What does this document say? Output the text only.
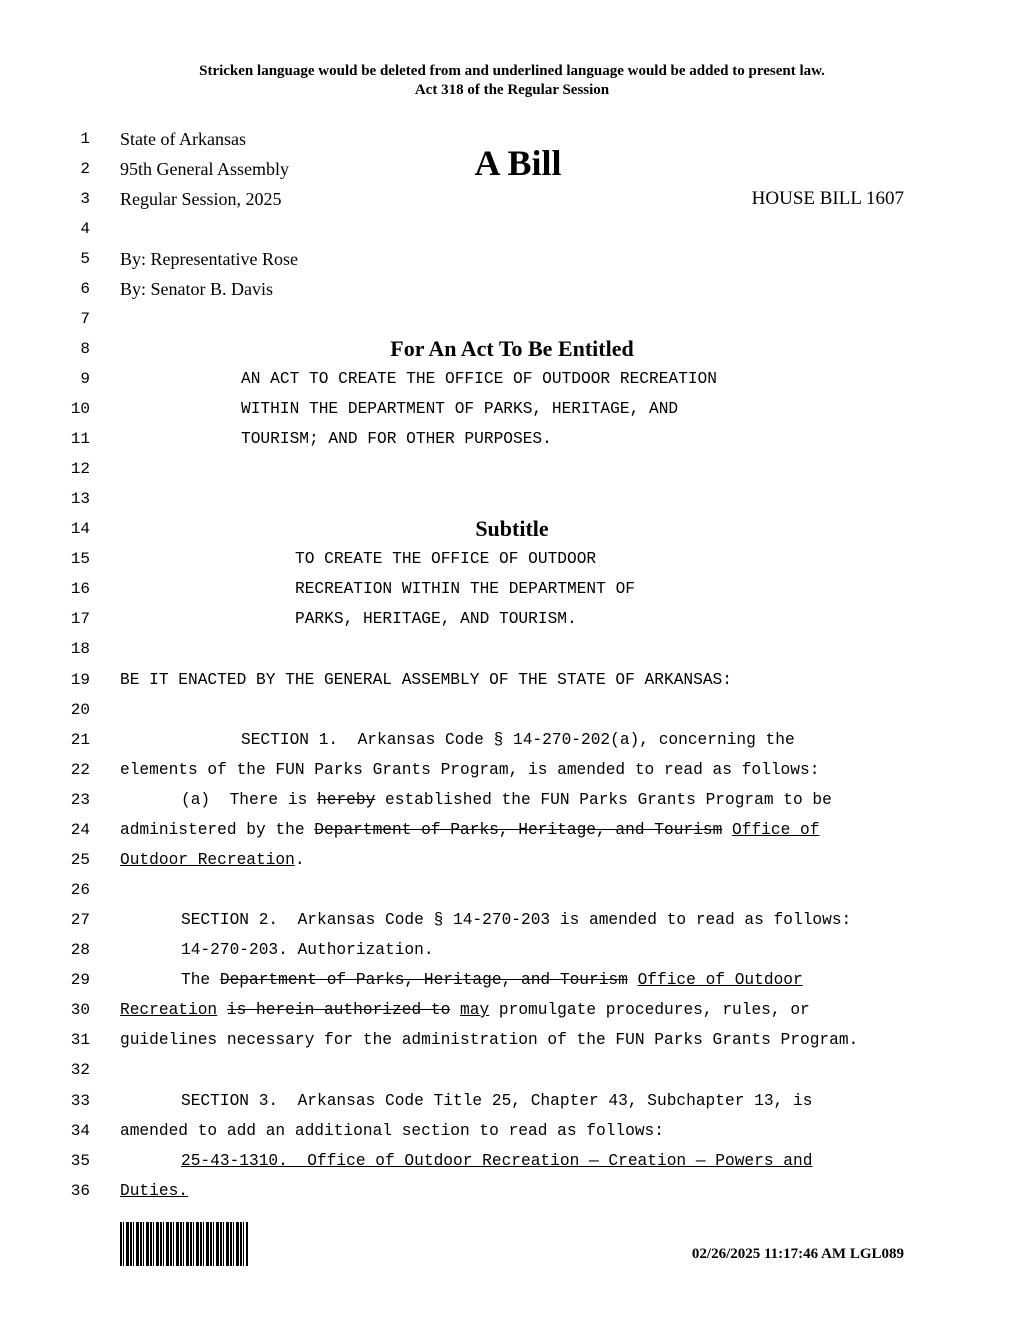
Stricken language would be deleted from and underlined language would be added to present law.
Act 318 of the Regular Session
1
2
3
4
5
6
7
8
9
10
11
12
13
14
15
16
17
18
19
20
21
22
23
24
25
26
27
28
29
30
31
32
33
34
35
36
State of Arkansas
95th General Assembly
Regular Session, 2025
A Bill
HOUSE BILL 1607
By: Representative Rose
By: Senator B. Davis
For An Act To Be Entitled
AN ACT TO CREATE THE OFFICE OF OUTDOOR RECREATION
WITHIN THE DEPARTMENT OF PARKS, HERITAGE, AND
TOURISM; AND FOR OTHER PURPOSES.
Subtitle
TO CREATE THE OFFICE OF OUTDOOR
RECREATION WITHIN THE DEPARTMENT OF
PARKS, HERITAGE, AND TOURISM.
BE IT ENACTED BY THE GENERAL ASSEMBLY OF THE STATE OF ARKANSAS:
SECTION 1.  Arkansas Code § 14-270-202(a), concerning the
elements of the FUN Parks Grants Program, is amended to read as follows:
(a)  There is hereby established the FUN Parks Grants Program to be
administered by the Department of Parks, Heritage, and Tourism Office of
Outdoor Recreation.
SECTION 2.  Arkansas Code § 14-270-203 is amended to read as follows:
14-270-203. Authorization.
The Department of Parks, Heritage, and Tourism Office of Outdoor
Recreation is herein authorized to may promulgate procedures, rules, or
guidelines necessary for the administration of the FUN Parks Grants Program.
SECTION 3.  Arkansas Code Title 25, Chapter 43, Subchapter 13, is
amended to add an additional section to read as follows:
25-43-1310.  Office of Outdoor Recreation — Creation — Powers and
Duties.
02/26/2025 11:17:46 AM LGL089
